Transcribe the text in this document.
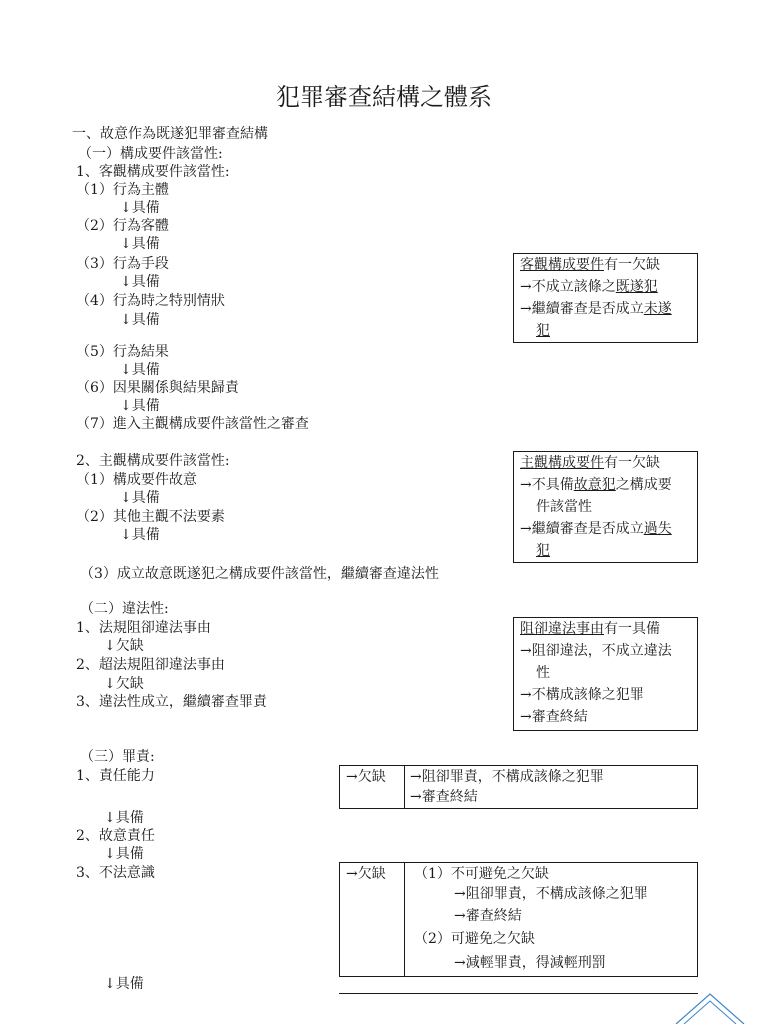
犯罪審查結構之體系
一、故意作為既遂犯罪審查結構
（一）構成要件該當性:
1、客觀構成要件該當性:
（1）行為主體
↓具備
（2）行為客體
↓具備
（3）行為手段
↓具備
（4）行為時之特別情狀
↓具備
（5）行為結果
↓具備
（6）因果關係與結果歸責
↓具備
（7）進入主觀構成要件該當性之審查
2、主觀構成要件該當性:
（1）構成要件故意
↓具備
（2）其他主觀不法要素
↓具備
（3）成立故意既遂犯之構成要件該當性，繼續審查違法性
（二）違法性:
1、法規阻卻違法事由
↓欠缺
2、超法規阻卻違法事由
↓欠缺
3、違法性成立，繼續審查罪責
（三）罪責:
1、責任能力
↓具備
2、故意責任
↓具備
3、不法意識
↓具備
客觀構成要件有一欠缺
→不成立該條之既遂犯
→繼續審查是否成立未遂
犯
主觀構成要件有一欠缺
→不具備故意犯之構成要
件該當性
→繼續審查是否成立過失
犯
阻卻違法事由有一具備
→阻卻違法，不成立違法
性
→不構成該條之犯罪
→審查終結
→欠缺 →阻卻罪責，不構成該條之犯罪
→審查終結
→欠缺 （1）不可避免之欠缺
→阻卻罪責，不構成該條之犯罪
→審查終結
（2）可避免之欠缺
→減輕罪責，得減輕刑罰
